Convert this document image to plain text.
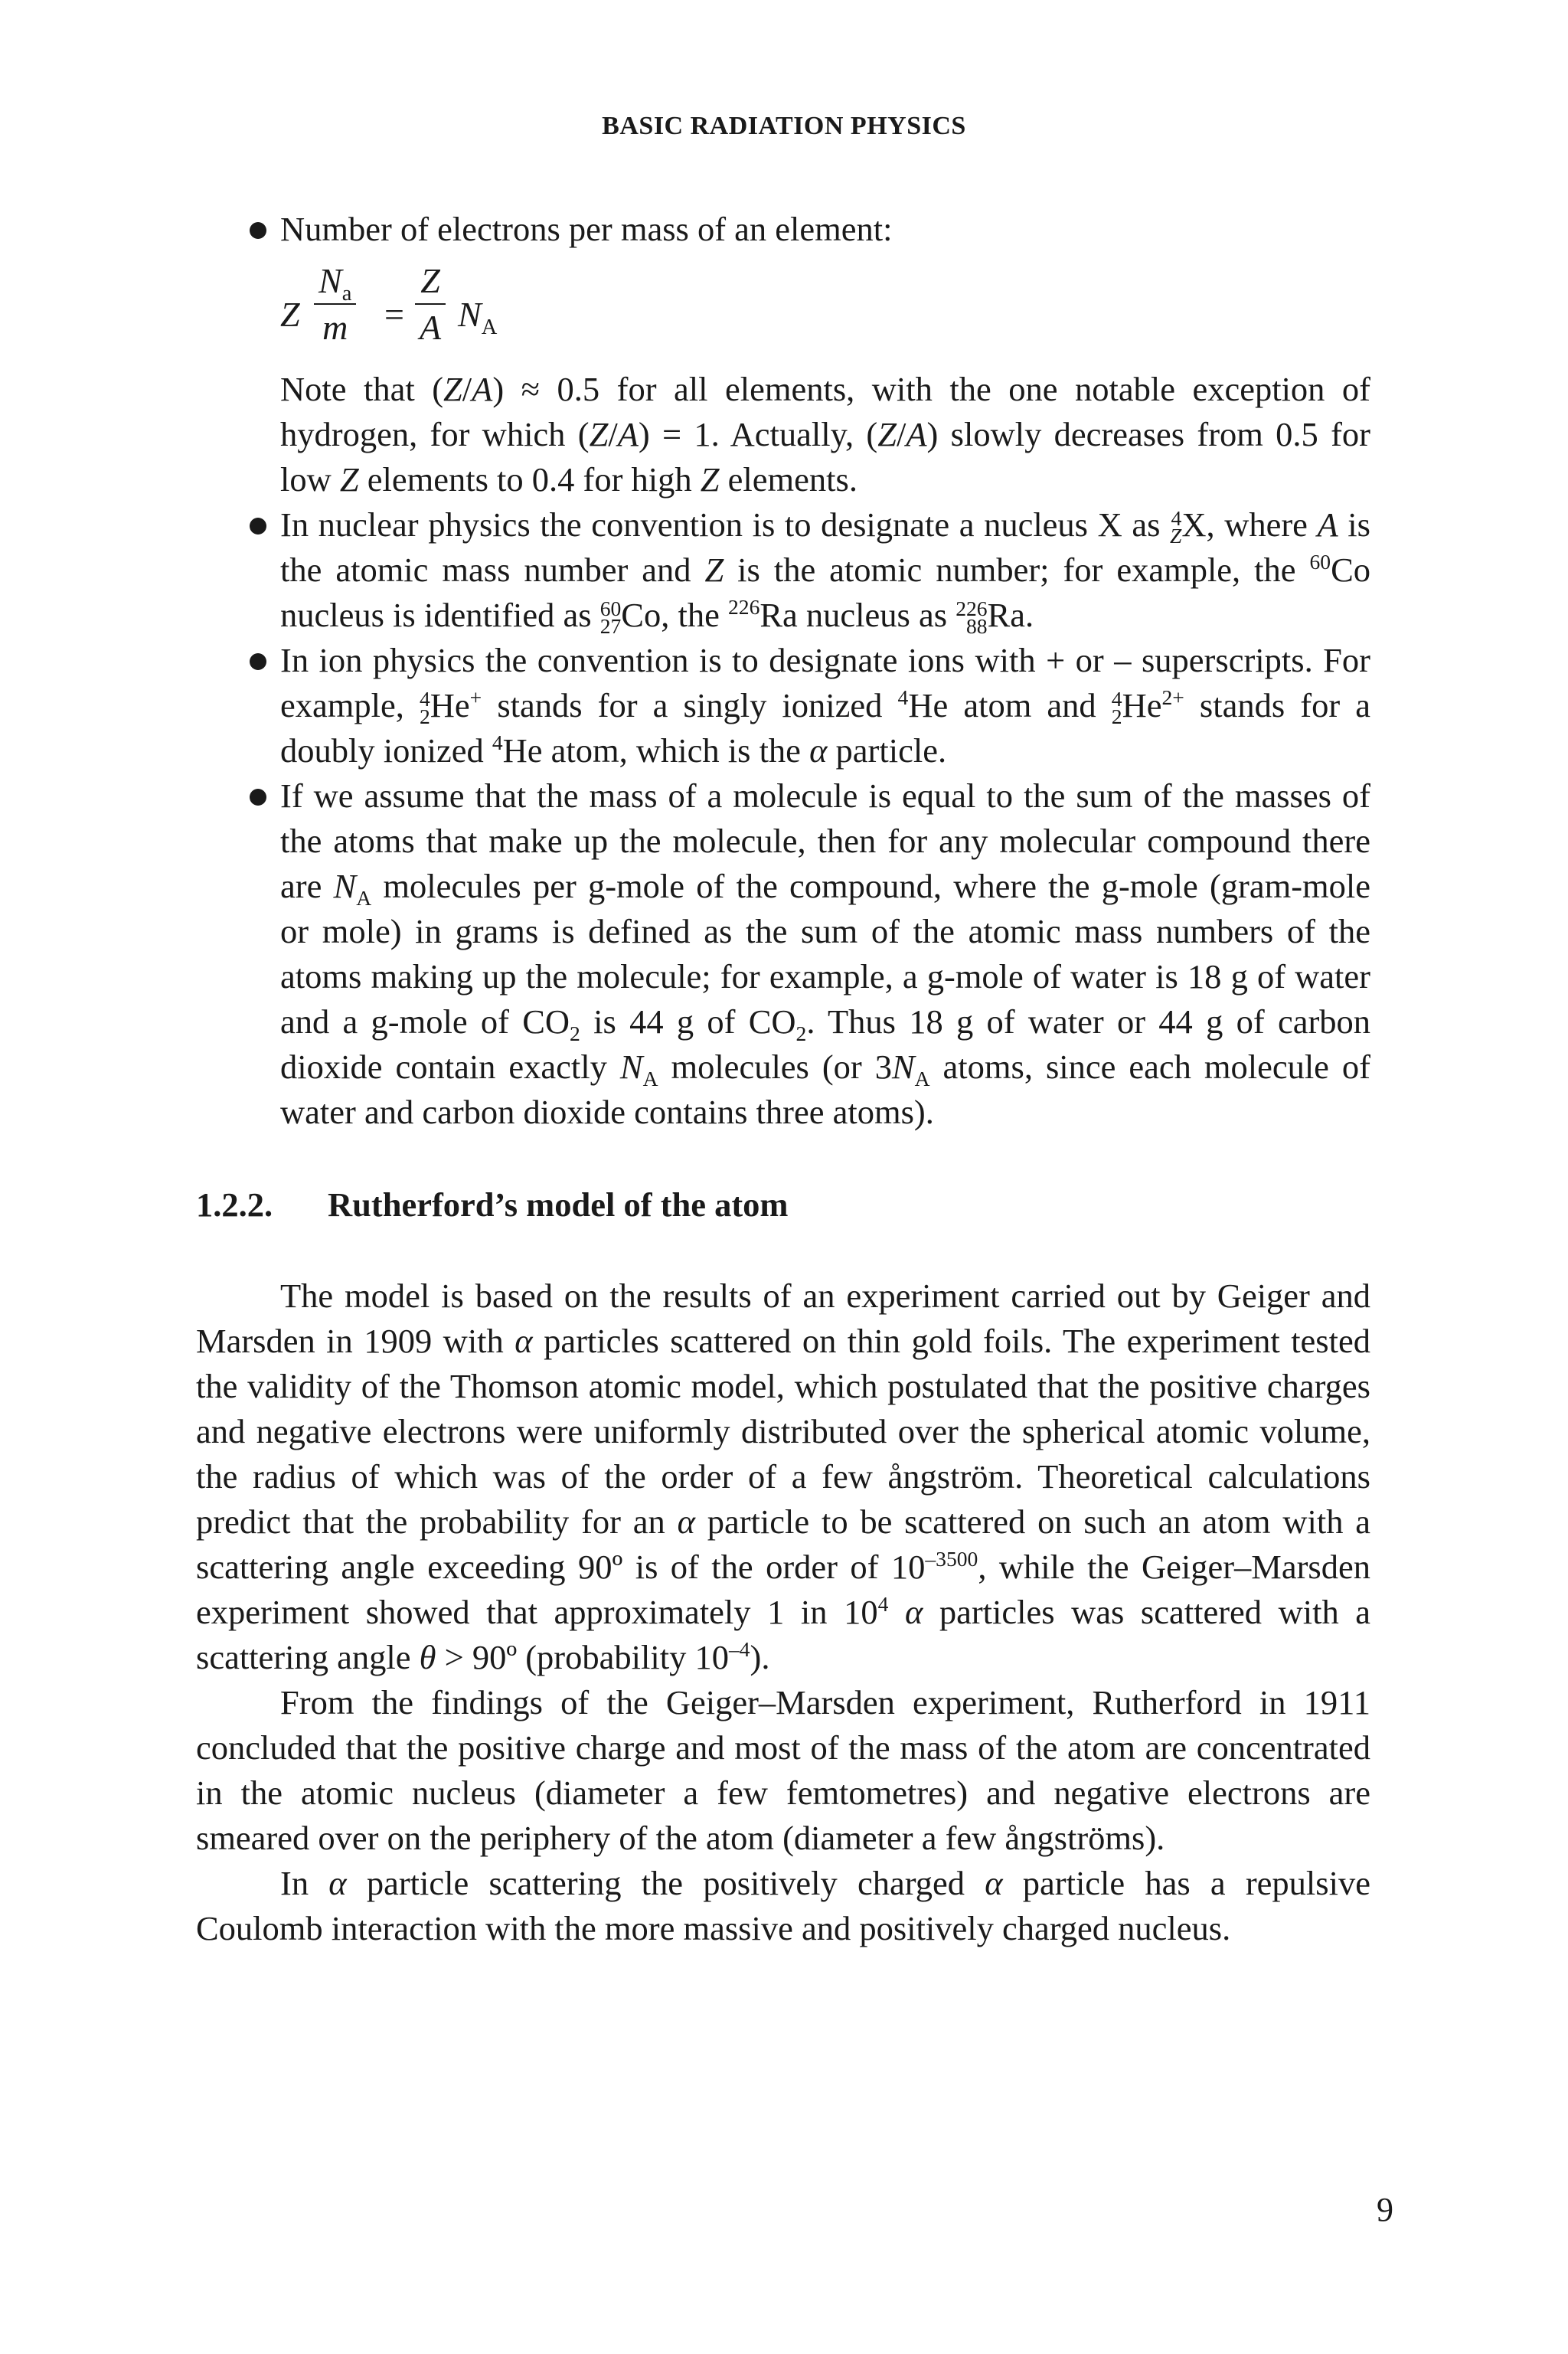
BASIC RADIATION PHYSICS
Number of electrons per mass of an element:
Z $\frac{N_a}{m} = \frac{Z}{A} N_A$
Note that (Z/A) ≈ 0.5 for all elements, with the one notable exception of hydrogen, for which (Z/A) = 1. Actually, (Z/A) slowly decreases from 0.5 for low Z elements to 0.4 for high Z elements.
In nuclear physics the convention is to designate a nucleus X as 4
Z X, where A is the atomic mass number and Z is the atomic number; for example, the $^{60}$Co nucleus is identified as 60
27 Co, the $^{226}$Ra nucleus as 226
88 Ra.
In ion physics the convention is to designate ions with + or – superscripts. For example, 4
2 He+ stands for a singly ionized $^4$He atom and 4
2 $He^{2+}$ stands for a doubly ionized $^4$He atom, which is the α particle.
If we assume that the mass of a molecule is equal to the sum of the masses of the atoms that make up the molecule, then for any molecular compound there are $N_A$ molecules per g-mole of the compound, where the g-mole (gram-mole or mole) in grams is defined as the sum of the atomic mass numbers of the atoms making up the molecule; for example, a g-mole of water is 18 g of water and a g-mole of $CO_2$ is 44 g of $CO_2$. Thus 18 g of water or 44 g of carbon dioxide contain exactly $N_A$ molecules (or $3N_A$ atoms, since each molecule of water and carbon dioxide contains three atoms).
1.2.2. Rutherford’s model of the atom
The model is based on the results of an experiment carried out by Geiger and Marsden in 1909 with α particles scattered on thin gold foils. The experiment tested the validity of the Thomson atomic model, which postulated that the positive charges and negative electrons were uniformly distributed over the spherical atomic volume, the radius of which was of the order of a few ångström. Theoretical calculations predict that the probability for an α particle to be scattered on such an atom with a scattering angle exceeding 90º is of the order of $10^{-3500}$, while the Geiger–Marsden experiment showed that approximately 1 in $10^4$ α particles was scattered with a scattering angle θ > 90º (probability $10^{-4}$).
From the findings of the Geiger–Marsden experiment, Rutherford in 1911 concluded that the positive charge and most of the mass of the atom are concentrated in the atomic nucleus (diameter a few femtometres) and negative electrons are smeared over on the periphery of the atom (diameter a few ångströms).
In α particle scattering the positively charged α particle has a repulsive Coulomb interaction with the more massive and positively charged nucleus.
9
